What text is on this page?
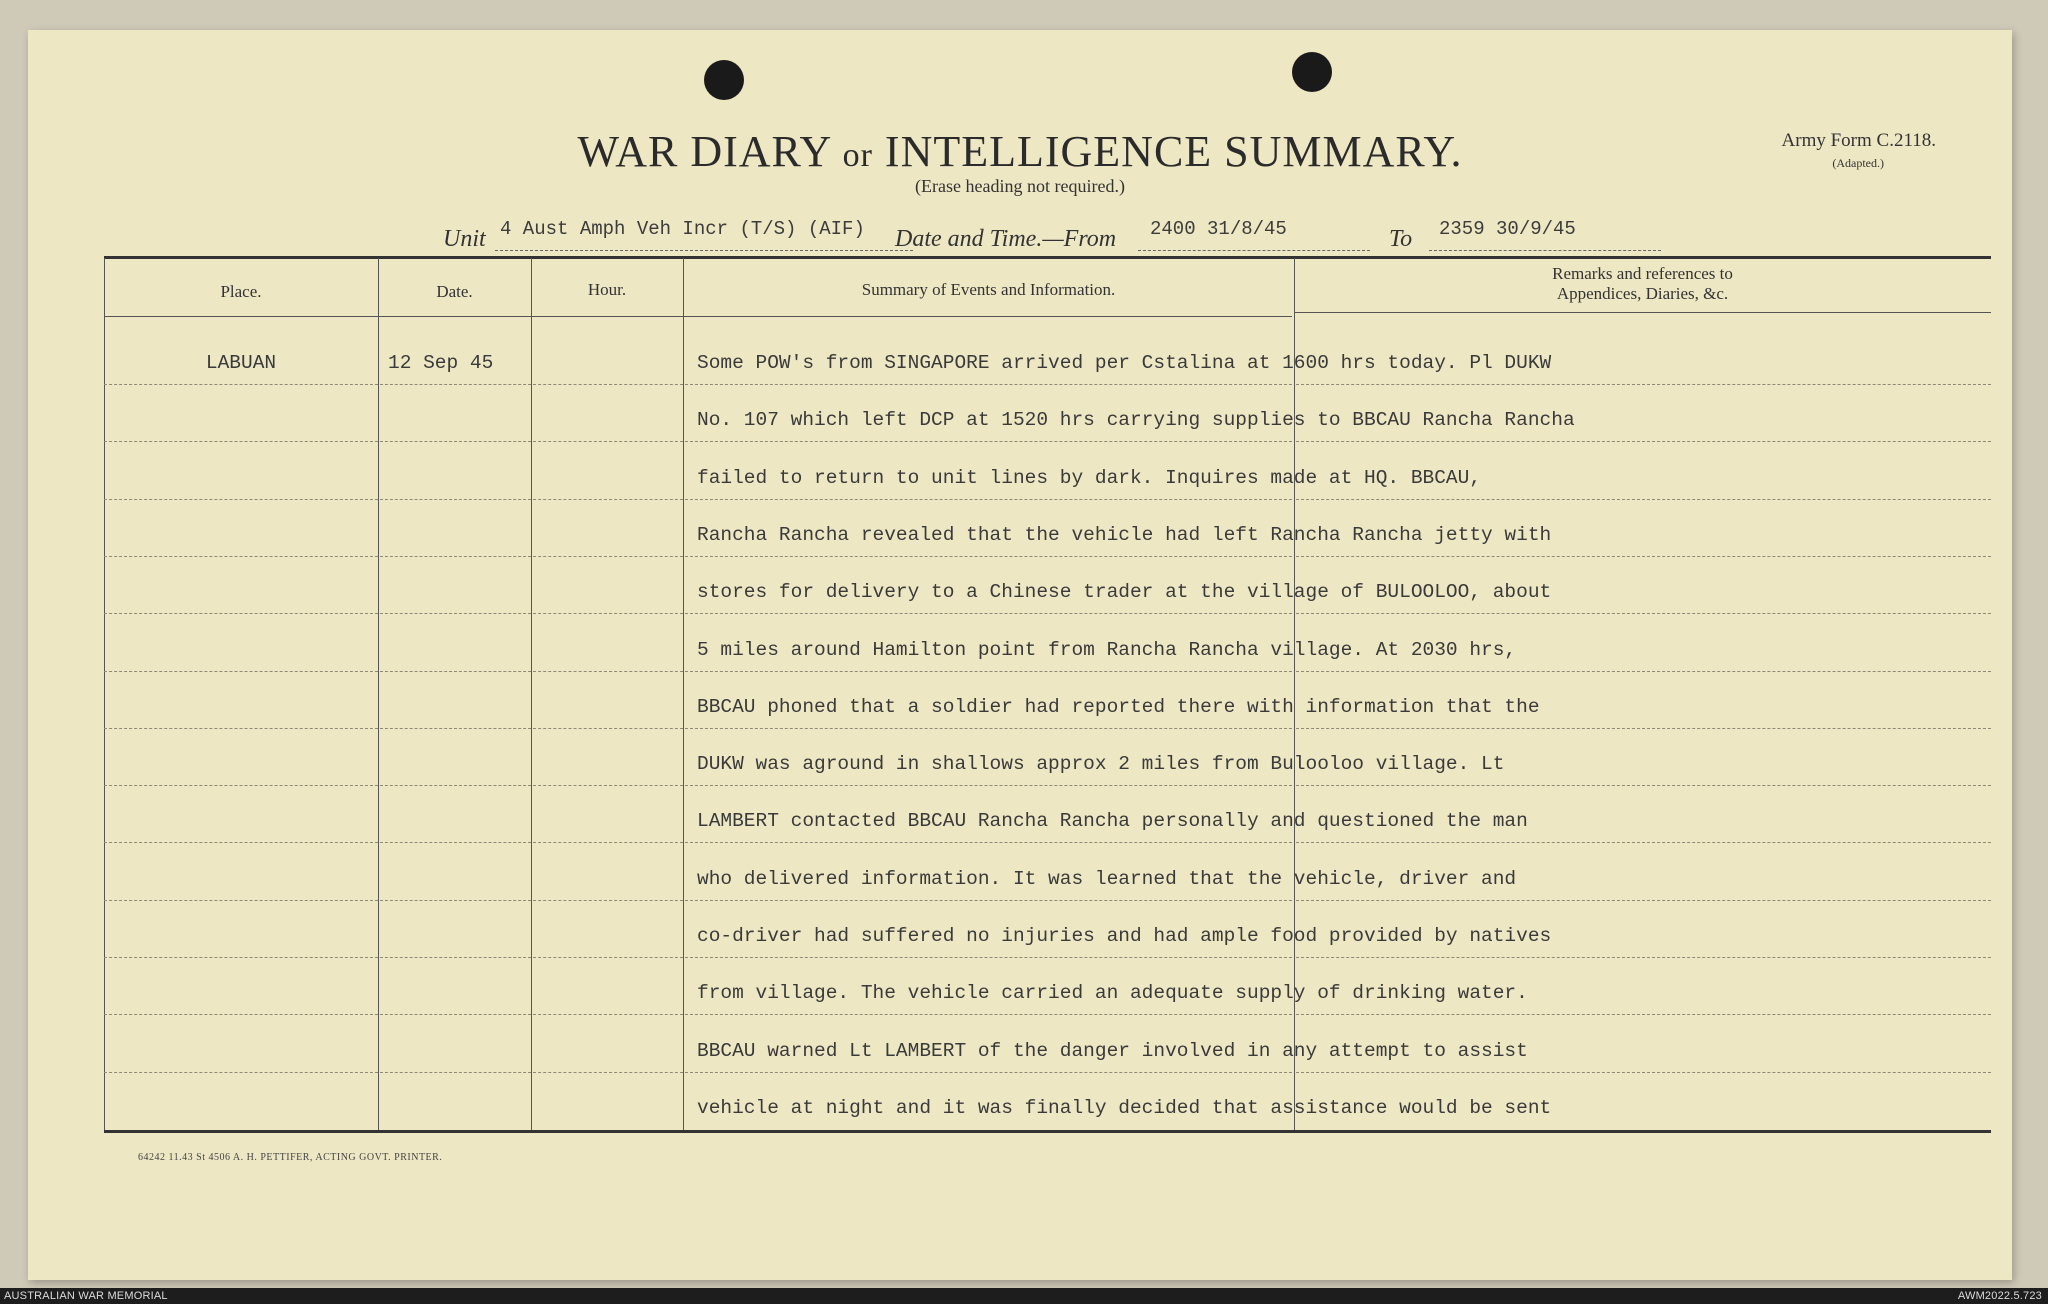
WAR DIARY or INTELLIGENCE SUMMARY.
(Erase heading not required.)
Army Form C.2118.
(Adapted.)
Unit 4 Aust Amph Veh Incr (T/S) (AIF) Date and Time.—From 2400 31/8/45	To 2359 30/9/45
Place.	Date.	Hour.	Summary of Events and Information.
Remarks and references to
Appendices, Diaries, &c.
LABUAN	12 Sep 45	Some POW's from SINGAPORE arrived per Cstalina at 1600 hrs today. Pl DUKW
No. 107 which left DCP at 1520 hrs carrying supplies to BBCAU Rancha Rancha
failed to return to unit lines by dark. Inquires made at HQ. BBCAU,
Rancha Rancha revealed that the vehicle had left Rancha Rancha jetty with
stores for delivery to a Chinese trader at the village of BULOOLOO, about
5 miles around Hamilton point from Rancha Rancha village. At 2030 hrs,
BBCAU phoned that a soldier had reported there with information that the
DUKW was aground in shallows approx 2 miles from Bulooloo village. Lt
LAMBERT contacted BBCAU Rancha Rancha personally and questioned the man
who delivered information. It was learned that the vehicle, driver and
co-driver had suffered no injuries and had ample food provided by natives
from village. The vehicle carried an adequate supply of drinking water.
BBCAU warned Lt LAMBERT of the danger involved in any attempt to assist
vehicle at night and it was finally decided that assistance would be sent
64242 11.43 St 4506 A. H. PETTIFER, ACTING GOVT. PRINTER.
AUSTRALIAN WAR MEMORIAL	AWM2022.5.723
